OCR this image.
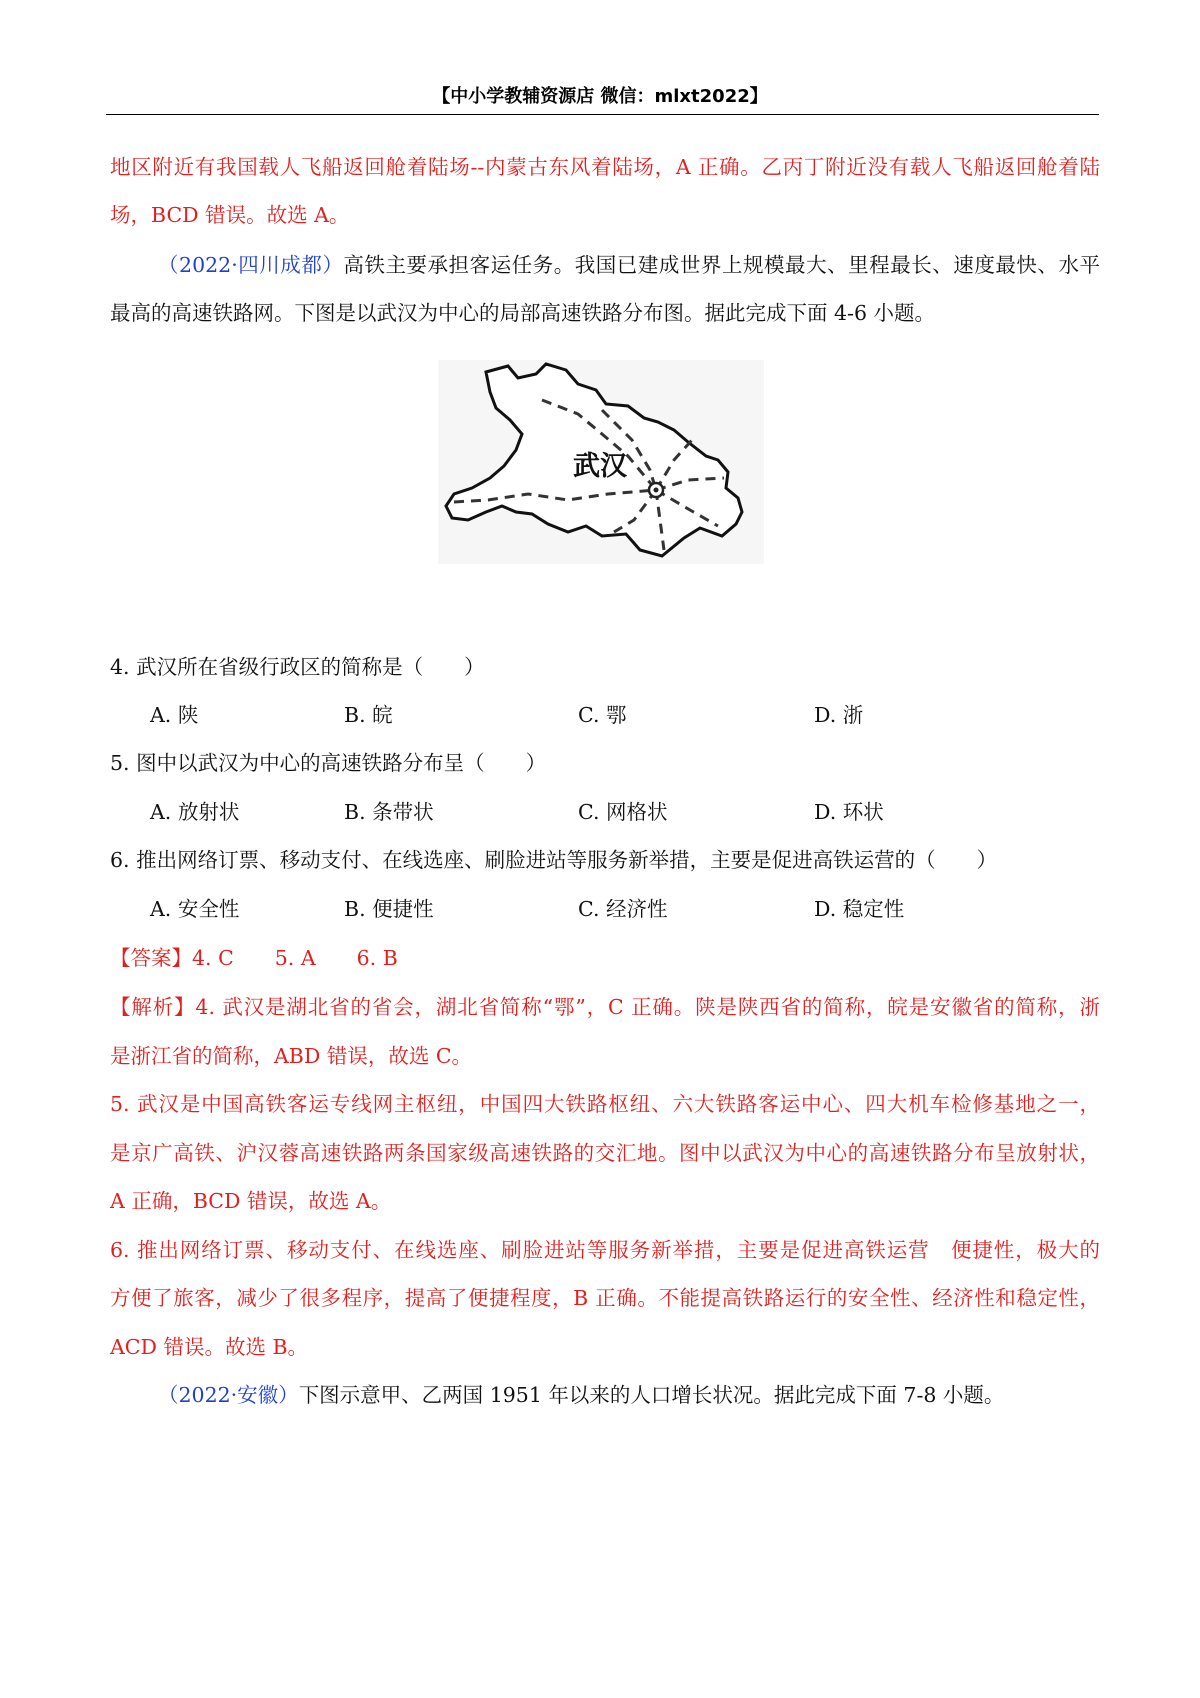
【中小学教辅资源店 微信：mlxt2022】
地区附近有我国载人飞船返回舱着陆场--内蒙古东风着陆场，A 正确。乙丙丁附近没有载人飞船返回舱着陆
场，BCD 错误。故选 A。
（2022·四川成都）高铁主要承担客运任务。我国已建成世界上规模最大、里程最长、速度最快、水平
最高的高速铁路网。下图是以武汉为中心的局部高速铁路分布图。据此完成下面 4-6 小题。
武汉
4. 武汉所在省级行政区的简称是（　　）
A. 陕	B. 皖	C. 鄂	D. 浙
5. 图中以武汉为中心的高速铁路分布呈（　　）
A. 放射状	B. 条带状	C. 网格状	D. 环状
6. 推出网络订票、移动支付、在线选座、刷脸进站等服务新举措，主要是促进高铁运营的（　　）
A. 安全性	B. 便捷性	C. 经济性	D. 稳定性
【答案】4. C　　5. A　　6. B
【解析】4. 武汉是湖北省的省会，湖北省简称“鄂”，C 正确。陕是陕西省的简称，皖是安徽省的简称，浙
是浙江省的简称，ABD 错误，故选 C。
5. 武汉是中国高铁客运专线网主枢纽，中国四大铁路枢纽、六大铁路客运中心、四大机车检修基地之一，
是京广高铁、沪汉蓉高速铁路两条国家级高速铁路的交汇地。图中以武汉为中心的高速铁路分布呈放射状，
A 正确，BCD 错误，故选 A。
6. 推出网络订票、移动支付、在线选座、刷脸进站等服务新举措，主要是促进高铁运营　便捷性，极大的
方便了旅客，减少了很多程序，提高了便捷程度，B 正确。不能提高铁路运行的安全性、经济性和稳定性，
ACD 错误。故选 B。
（2022·安徽）下图示意甲、乙两国 1951 年以来的人口增长状况。据此完成下面 7-8 小题。
